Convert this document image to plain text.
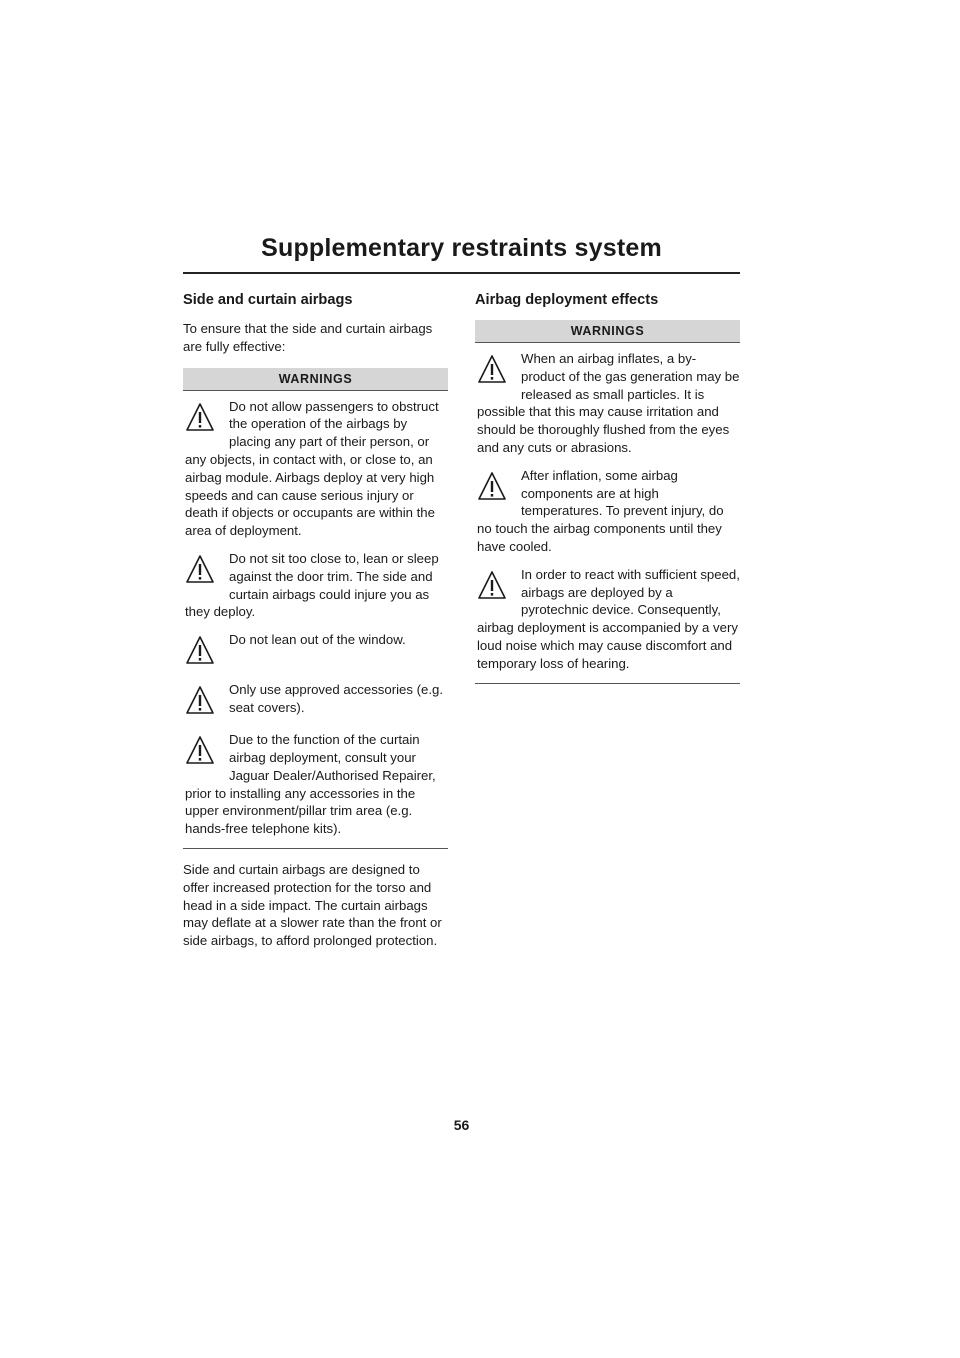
Supplementary restraints system

Side and curtain airbags

To ensure that the side and curtain airbags are fully effective:

WARNINGS
Do not allow passengers to obstruct the operation of the airbags by placing any part of their person, or any objects, in contact with, or close to, an airbag module. Airbags deploy at very high speeds and can cause serious injury or death if objects or occupants are within the area of deployment.
Do not sit too close to, lean or sleep against the door trim. The side and curtain airbags could injure you as they deploy.
Do not lean out of the window.
Only use approved accessories (e.g. seat covers).
Due to the function of the curtain airbag deployment, consult your Jaguar Dealer/Authorised Repairer, prior to installing any accessories in the upper environment/pillar trim area (e.g. hands-free telephone kits).

Side and curtain airbags are designed to offer increased protection for the torso and head in a side impact. The curtain airbags may deflate at a slower rate than the front or side airbags, to afford prolonged protection.

Airbag deployment effects

WARNINGS
When an airbag inflates, a by-product of the gas generation may be released as small particles. It is possible that this may cause irritation and should be thoroughly flushed from the eyes and any cuts or abrasions.
After inflation, some airbag components are at high temperatures. To prevent injury, do no touch the airbag components until they have cooled.
In order to react with sufficient speed, airbags are deployed by a pyrotechnic device. Consequently, airbag deployment is accompanied by a very loud noise which may cause discomfort and temporary loss of hearing.
56
